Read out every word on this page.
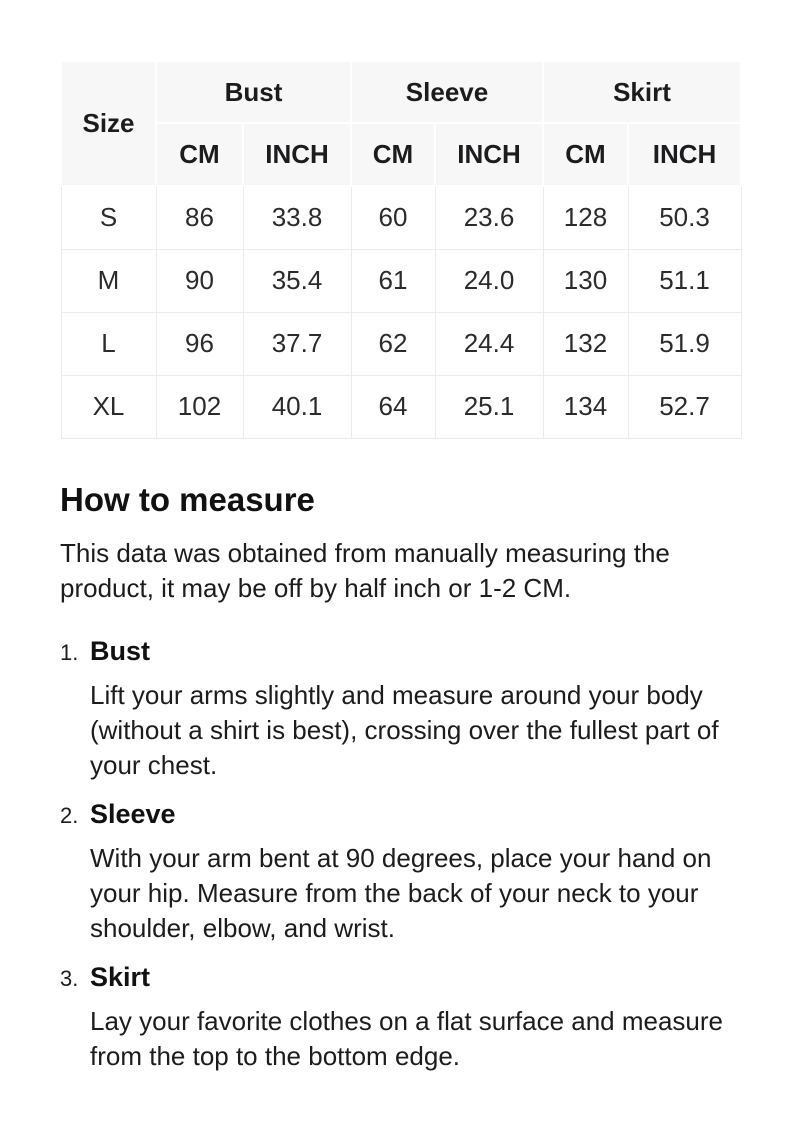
Size	Bust		Sleeve		Skirt	
	CM	INCH	CM	INCH	CM	INCH
S	86	33.8	60	23.6	128	50.3
M	90	35.4	61	24.0	130	51.1
L	96	37.7	62	24.4	132	51.9
XL	102	40.1	64	25.1	134	52.7
How to measure

This data was obtained from manually measuring the product, it may be off by half inch or 1-2 CM.

1. Bust

Lift your arms slightly and measure around your body (without a shirt is best), crossing over the fullest part of your chest.

2. Sleeve

With your arm bent at 90 degrees, place your hand on your hip. Measure from the back of your neck to your shoulder, elbow, and wrist.

3. Skirt

Lay your favorite clothes on a flat surface and measure from the top to the bottom edge.
